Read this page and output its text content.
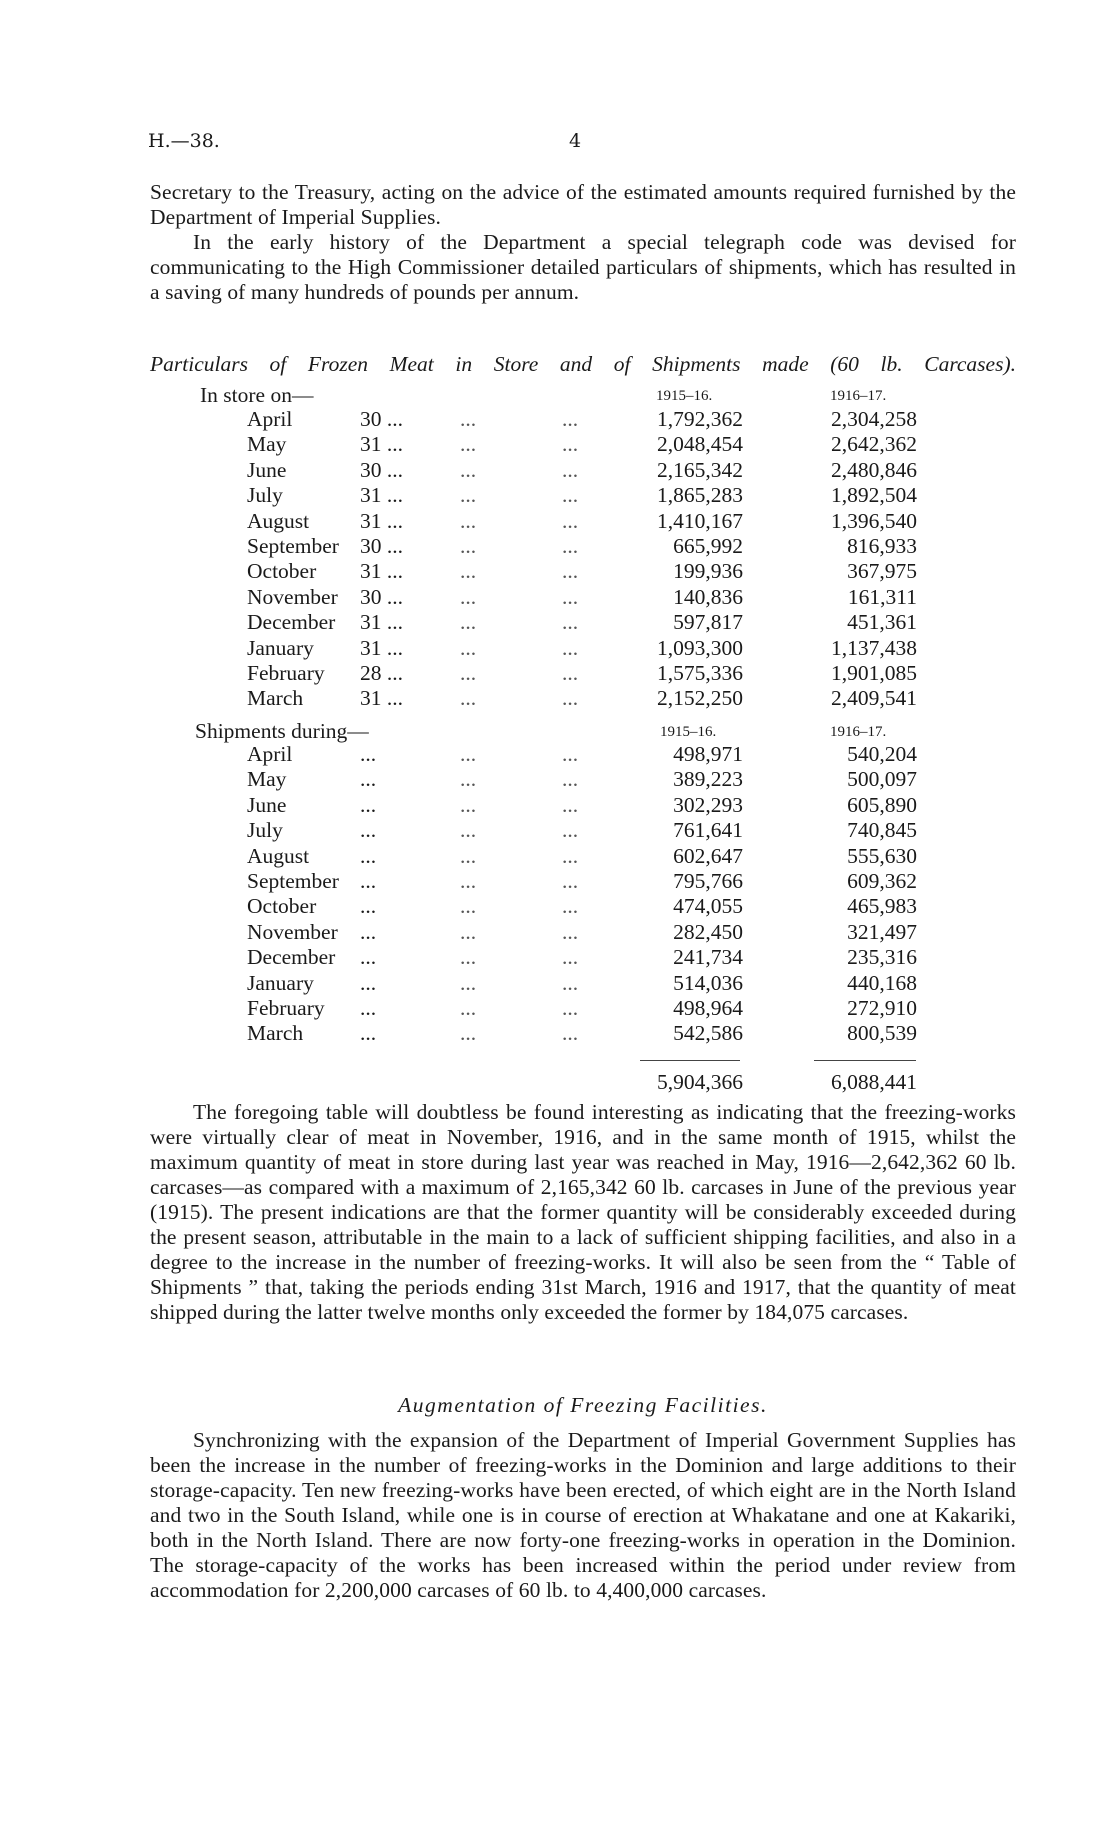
H.—38.	4
Secretary to the Treasury, acting on the advice of the estimated amounts required furnished by the Department of Imperial Supplies.
In the early history of the Department a special telegraph code was devised for communicating to the High Commissioner detailed particulars of shipments, which has resulted in a saving of many hundreds of pounds per annum.
Particulars of Frozen Meat in Store and of Shipments made (60 lb. Carcases).
In store on—	1915–16.	1916–17.
April	30 ...	...	...	1,792,362	2,304,258
May	31 ...	...	...	2,048,454	2,642,362
June	30 ...	...	...	2,165,342	2,480,846
July	31 ...	...	...	1,865,283	1,892,504
August 31 ...	...	...	1,410,167	1,396,540
September 30 ...	...	...	665,992	816,933
October 31 ...	...	...	199,936	367,975
November 30 ...	...	...	140,836	161,311
December 31 ...	...	...	597,817	451,361
January 31 ...	...	...	1,093,300	1,137,438
February 28 ...	...	...	1,575,336	1,901,085
March	31 ...	...	...	2,152,250	2,409,541
Shipments during—	1915–16.	1916–17.
April	...	...	...	498,971	540,204
May	...	...	...	389,223	500,097
June	...	...	...	302,293	605,890
July	...	...	...	761,641	740,845
August ...	...	...	602,647	555,630
September ...	...	...	795,766	609,362
October ...	...	...	474,055	465,983
November ...	...	...	282,450	321,497
December ...	...	...	241,734	235,316
January ...	...	...	514,036	440,168
February ...	...	...	498,964	272,910
March	...	...	...	542,586	800,539
5,904,366	6,088,441
The foregoing table will doubtless be found interesting as indicating that the freezing-works were virtually clear of meat in November, 1916, and in the same month of 1915, whilst the maximum quantity of meat in store during last year was reached in May, 1916—2,642,362 60 lb. carcases—as compared with a maximum of 2,165,342 60 lb. carcases in June of the previous year (1915). The present indications are that the former quantity will be considerably exceeded during the present season, attributable in the main to a lack of sufficient shipping facilities, and also in a degree to the increase in the number of freezing-works. It will also be seen from the “ Table of Shipments ” that, taking the periods ending 31st March, 1916 and 1917, that the quantity of meat shipped during the latter twelve months only exceeded the former by 184,075 carcases.
Augmentation of Freezing Facilities.
Synchronizing with the expansion of the Department of Imperial Government Supplies has been the increase in the number of freezing-works in the Dominion and large additions to their storage-capacity. Ten new freezing-works have been erected, of which eight are in the North Island and two in the South Island, while one is in course of erection at Whakatane and one at Kakariki, both in the North Island. There are now forty-one freezing-works in operation in the Dominion. The storage-capacity of the works has been increased within the period under review from accommodation for 2,200,000 carcases of 60 lb. to 4,400,000 carcases.
